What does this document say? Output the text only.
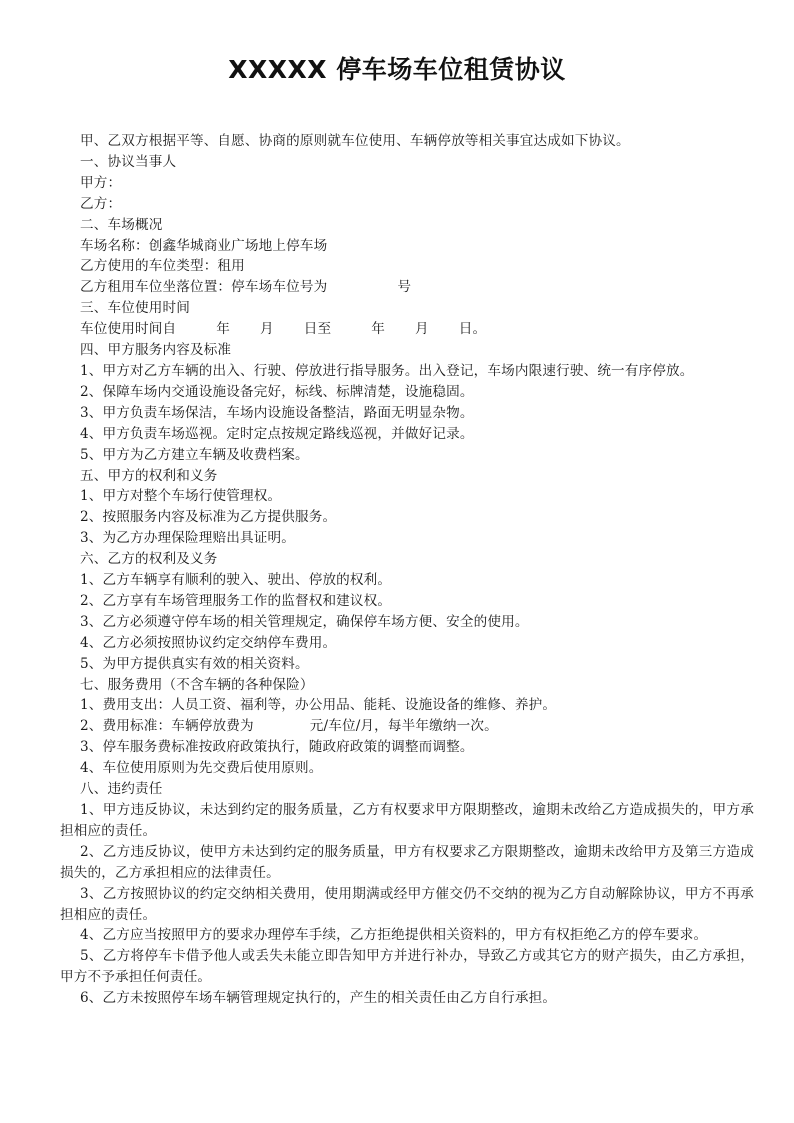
XXXXX 停车场车位租赁协议
甲、乙双方根据平等、自愿、协商的原则就车位使用、车辆停放等相关事宜达成如下协议。
一、协议当事人
甲方：
乙方：
二、车场概况
车场名称：创鑫华城商业广场地上停车场
乙方使用的车位类型：租用
乙方租用车位坐落位置：停车场车位号为	号
三、车位使用时间
车位使用时间自	年 月 日至	年 月 日。
四、甲方服务内容及标准
1、甲方对乙方车辆的出入、行驶、停放进行指导服务。出入登记，车场内限速行驶、统一有序停放。
2、保障车场内交通设施设备完好，标线、标牌清楚，设施稳固。
3、甲方负责车场保洁，车场内设施设备整洁，路面无明显杂物。
4、甲方负责车场巡视。定时定点按规定路线巡视，并做好记录。
5、甲方为乙方建立车辆及收费档案。
五、甲方的权利和义务
1、甲方对整个车场行使管理权。
2、按照服务内容及标准为乙方提供服务。
3、为乙方办理保险理赔出具证明。
六、乙方的权利及义务
1、乙方车辆享有顺利的驶入、驶出、停放的权利。
2、乙方享有车场管理服务工作的监督权和建议权。
3、乙方必须遵守停车场的相关管理规定，确保停车场方便、安全的使用。
4、乙方必须按照协议约定交纳停车费用。
5、为甲方提供真实有效的相关资料。
七、服务费用（不含车辆的各种保险）
1、费用支出：人员工资、福利等，办公用品、能耗、设施设备的维修、养护。
2、费用标准：车辆停放费为	元/车位/月，每半年缴纳一次。
3、停车服务费标准按政府政策执行，随政府政策的调整而调整。
4、车位使用原则为先交费后使用原则。
八、违约责任
1、甲方违反协议，未达到约定的服务质量，乙方有权要求甲方限期整改，逾期未改给乙方造成损失的，甲方承担相应的责任。
2、乙方违反协议，使甲方未达到约定的服务质量，甲方有权要求乙方限期整改，逾期未改给甲方及第三方造成损失的，乙方承担相应的法律责任。
3、乙方按照协议的约定交纳相关费用，使用期满或经甲方催交仍不交纳的视为乙方自动解除协议，甲方不再承担相应的责任。
4、乙方应当按照甲方的要求办理停车手续，乙方拒绝提供相关资料的，甲方有权拒绝乙方的停车要求。
5、乙方将停车卡借予他人或丢失未能立即告知甲方并进行补办，导致乙方或其它方的财产损失，由乙方承担，甲方不予承担任何责任。
6、乙方未按照停车场车辆管理规定执行的，产生的相关责任由乙方自行承担。
